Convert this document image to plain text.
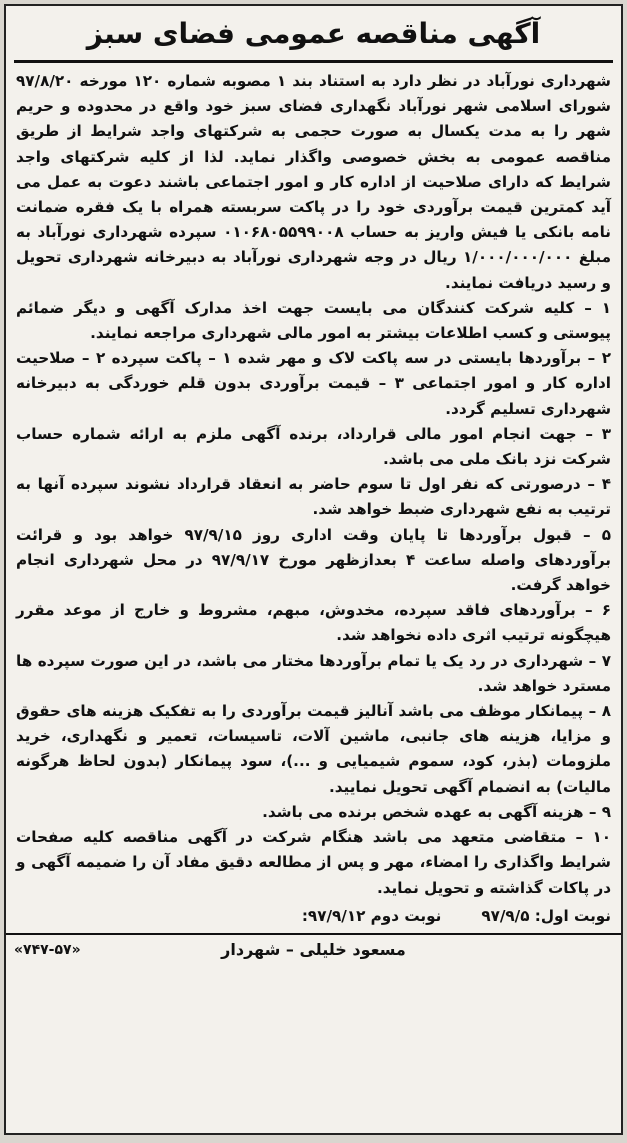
آگهی مناقصه عمومی فضای سبز

شهرداری نورآباد در نظر دارد به استناد بند ۱ مصوبه شماره ۱۲۰ مورخه ۹۷/۸/۲۰ شورای اسلامی شهر نورآباد نگهداری فضای سبز خود واقع در محدوده و حریم شهر را به مدت یکسال به صورت حجمی به شرکتهای واجد شرایط از طریق مناقصه عمومی به بخش خصوصی واگذار نماید. لذا از کلیه شرکتهای واجد شرایط که دارای صلاحیت از اداره کار و امور اجتماعی باشند دعوت به عمل می آید کمترین قیمت برآوردی خود را در پاکت سربسته همراه با یک فقره ضمانت نامه بانکی یا فیش واریز به حساب ۰۱۰۶۸۰۵۵۹۹۰۰۸ سپرده شهرداری نورآباد به مبلغ ۱/۰۰۰/۰۰۰/۰۰۰ ریال در وجه شهرداری نورآباد به دبیرخانه شهرداری تحویل و رسید دریافت نمایند.

۱ – کلیه شرکت کنندگان می بایست جهت اخذ مدارک آگهی و دیگر ضمائم پیوستی و کسب اطلاعات بیشتر به امور مالی شهرداری مراجعه نمایند.

۲ – برآوردها بایستی در سه پاکت لاک و مهر شده ۱ – پاکت سپرده ۲ – صلاحیت اداره کار و امور اجتماعی ۳ – قیمت برآوردی بدون قلم خوردگی به دبیرخانه شهرداری تسلیم گردد.

۳ – جهت انجام امور مالی قرارداد، برنده آگهی ملزم به ارائه شماره حساب شرکت نزد بانک ملی می باشد.

۴ – درصورتی که نفر اول تا سوم حاضر به انعقاد قرارداد نشوند سپرده آنها به ترتیب به نفع شهرداری ضبط خواهد شد.

۵ – قبول برآوردها تا پایان وقت اداری روز ۹۷/۹/۱۵ خواهد بود و قرائت برآوردهای واصله ساعت ۴ بعدازظهر مورخ ۹۷/۹/۱۷ در محل شهرداری انجام خواهد گرفت.

۶ – برآوردهای فاقد سپرده، مخدوش، مبهم، مشروط و خارج از موعد مقرر هیچگونه ترتیب اثری داده نخواهد شد.

۷ – شهرداری در رد یک یا تمام برآوردها مختار می باشد، در این صورت سپرده ها مسترد خواهد شد.

۸ – پیمانکار موظف می باشد آنالیز قیمت برآوردی را به تفکیک هزینه های حقوق و مزایا، هزینه های جانبی، ماشین آلات، تاسیسات، تعمیر و نگهداری، خرید ملزومات (بذر، کود، سموم شیمیایی و ...)، سود پیمانکار (بدون لحاظ هرگونه مالیات) به انضمام آگهی تحویل نمایید.

۹ – هزینه آگهی به عهده شخص برنده می باشد.

۱۰ – متقاضی متعهد می باشد هنگام شرکت در آگهی مناقصه کلیه صفحات شرایط واگذاری را امضاء، مهر و پس از مطالعه دقیق مفاد آن را ضمیمه آگهی و در پاکات گذاشته و تحویل نماید.

نوبت اول: ۹۷/۹/۵
نوبت دوم ۹۷/۹/۱۲:
مسعود خلیلی – شهردار
«۷۴۷-۵۷»
